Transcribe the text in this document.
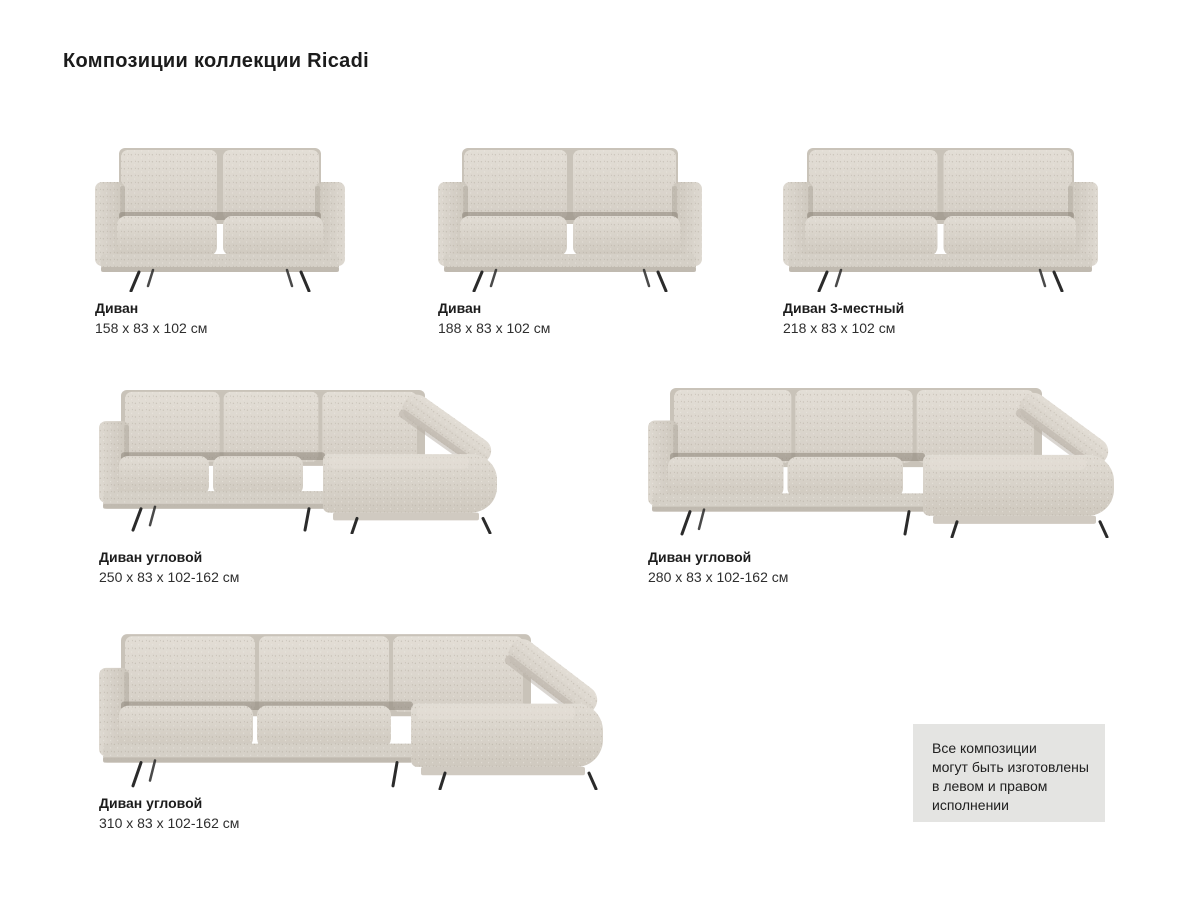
Композиции коллекции Ricadi
Диван
158 x 83 x 102 см
Диван
188 x 83 x 102 см
Диван 3-местный
218 x 83 x 102 см
Диван угловой
250 x 83 x 102-162 см
Диван угловой
280 x 83 x 102-162 см
Диван угловой
310 x 83 x 102-162 см
Все композиции
могут быть изготовлены
в левом и правом
исполнении
